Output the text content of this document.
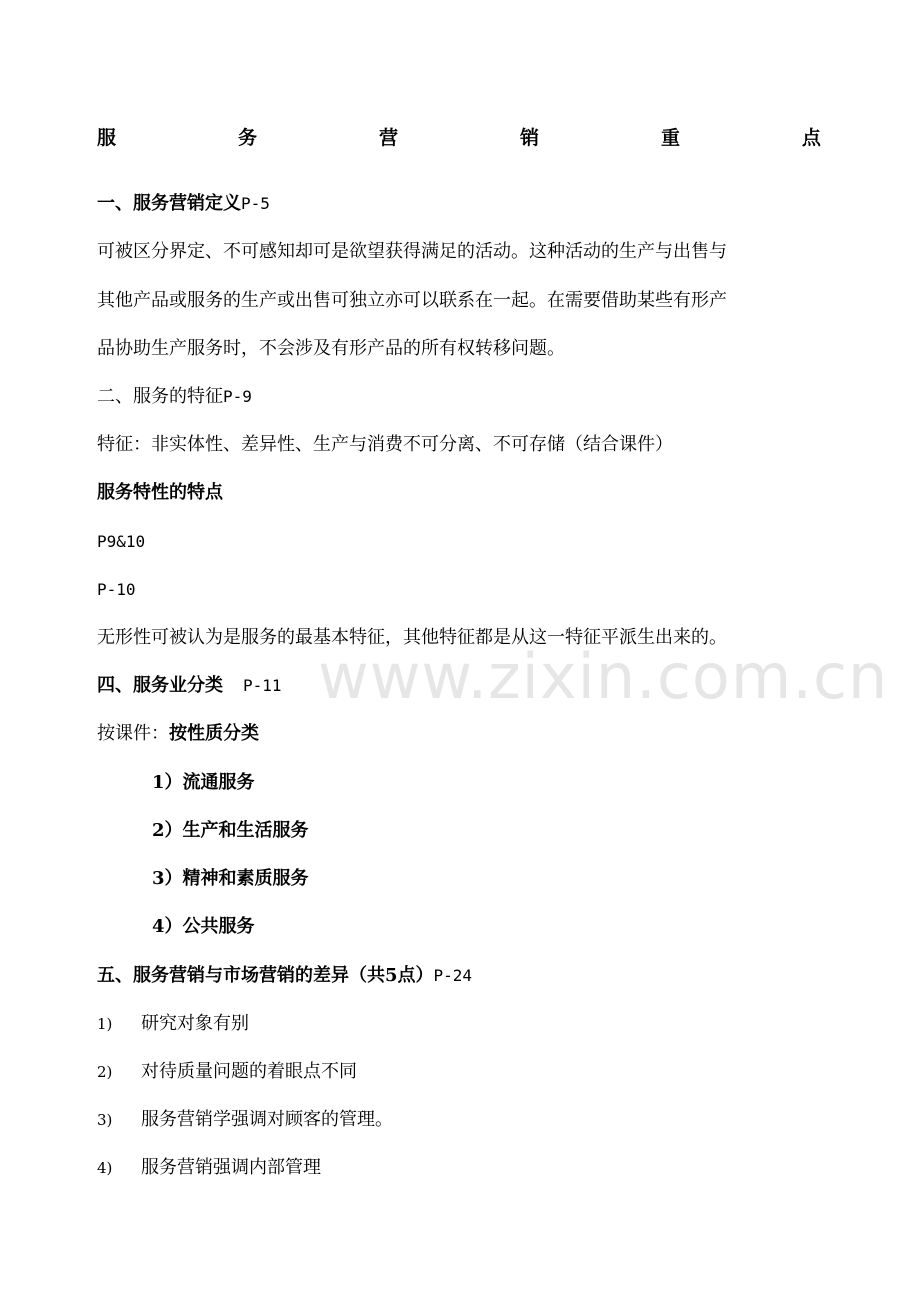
服	务	营	销	重	点
一、服务营销定义P-5
可被区分界定、不可感知却可是欲望获得满足的活动。这种活动的生产与出售与
其他产品或服务的生产或出售可独立亦可以联系在一起。在需要借助某些有形产
品协助生产服务时，不会涉及有形产品的所有权转移问题。
二、服务的特征P-9
特征：非实体性、差异性、生产与消费不可分离、不可存储（结合课件）
服务特性的特点
P9&10
P-10
无形性可被认为是服务的最基本特征，其他特征都是从这一特征平派生出来的。
四、服务业分类 P-11
按课件：按性质分类
1）流通服务
2）生产和生活服务
3）精神和素质服务
4）公共服务
五、服务营销与市场营销的差异（共5点）P-24
1) 研究对象有别
2) 对待质量问题的着眼点不同
3) 服务营销学强调对顾客的管理。
4) 服务营销强调内部管理
www.zixin.com.cn
